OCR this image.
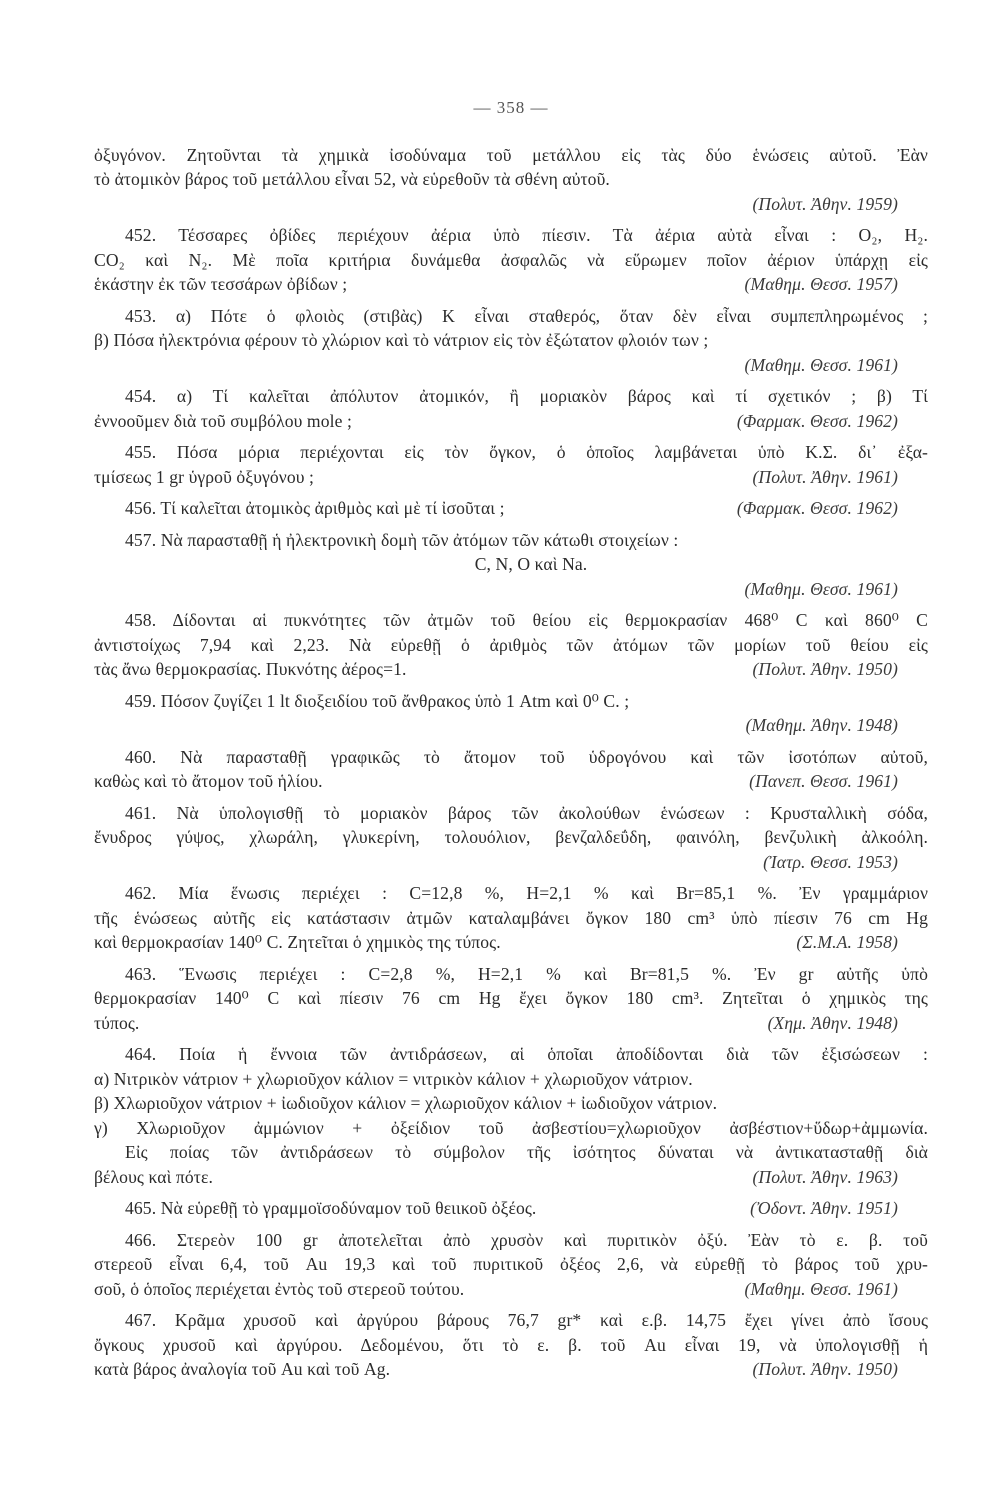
— 358 —
ὀξυγόνον. Ζητοῦνται τὰ χημικὰ ἰσοδύναμα τοῦ μετάλλου εἰς τὰς δύο ἑνώσεις αὐτοῦ. Ἐὰν
τὸ ἀτομικὸν βάρος τοῦ μετάλλου εἶναι 52, νὰ εὑρεθοῦν τὰ σθένη αὐτοῦ.
(Πολυτ. Ἀθην. 1959)
452. Τέσσαρες ὀβίδες περιέχουν ἀέρια ὑπὸ πίεσιν. Τὰ ἀέρια αὐτὰ εἶναι : O₂, H₂.
CO₂ καὶ N₂. Μὲ ποῖα κριτήρια δυνάμεθα ἀσφαλῶς νὰ εὕρωμεν ποῖον ἀέριον ὑπάρχῃ εἰς
ἑκάστην ἐκ τῶν τεσσάρων ὀβίδων ;	(Μαθημ. Θεσσ. 1957)
453. α) Πότε ὁ φλοιὸς (στιβὰς) K εἶναι σταθερός, ὅταν δὲν εἶναι συμπεπληρωμένος ;
β) Πόσα ἠλεκτρόνια φέρουν τὸ χλώριον καὶ τὸ νάτριον εἰς τὸν ἐξώτατον φλοιόν των ;
(Μαθημ. Θεσσ. 1961)
454. α) Τί καλεῖται ἀπόλυτον ἀτομικόν, ἢ μοριακὸν βάρος καὶ τί σχετικόν ; β) Τί
ἐννοοῦμεν διὰ τοῦ συμβόλου mole ;	(Φαρμακ. Θεσσ. 1962)
455. Πόσα μόρια περιέχονται εἰς τὸν ὄγκον, ὁ ὁποῖος λαμβάνεται ὑπὸ Κ.Σ. δι᾽ ἐξα-
τμίσεως 1 gr ὑγροῦ ὀξυγόνου ;	(Πολυτ. Ἀθην. 1961)
456. Τί καλεῖται ἀτομικὸς ἀριθμὸς καὶ μὲ τί ἰσοῦται ;	(Φαρμακ. Θεσσ. 1962)
457. Νὰ παρασταθῇ ἡ ἠλεκτρονικὴ δομὴ τῶν ἀτόμων τῶν κάτωθι στοιχείων :
C, N, O καὶ Na.
(Μαθημ. Θεσσ. 1961)
458. Δίδονται αἱ πυκνότητες τῶν ἀτμῶν τοῦ θείου εἰς θερμοκρασίαν 468⁰ C καὶ 860⁰ C
ἀντιστοίχως 7,94 καὶ 2,23. Νὰ εὑρεθῇ ὁ ἀριθμὸς τῶν ἀτόμων τῶν μορίων τοῦ θείου εἰς
τὰς ἄνω θερμοκρασίας. Πυκνότης ἀέρος=1.	(Πολυτ. Ἀθην. 1950)
459. Πόσον ζυγίζει 1 lt διοξειδίου τοῦ ἄνθρακος ὑπὸ 1 Atm καὶ 0⁰ C. ;
(Μαθημ. Ἀθην. 1948)
460. Νὰ παρασταθῇ γραφικῶς τὸ ἄτομον τοῦ ὑδρογόνου καὶ τῶν ἰσοτόπων αὐτοῦ,
καθὼς καὶ τὸ ἄτομον τοῦ ἡλίου.	(Πανεπ. Θεσσ. 1961)
461. Νὰ ὑπολογισθῇ τὸ μοριακὸν βάρος τῶν ἀκολούθων ἑνώσεων : Κρυσταλλικὴ σόδα,
ἔνυδρος γύψος, χλωράλη, γλυκερίνη, τολουόλιον, βενζαλδεΰδη, φαινόλη, βενζυλικὴ ἀλκοόλη.
(Ἰατρ. Θεσσ. 1953)
462. Μία ἕνωσις περιέχει : C=12,8 %, H=2,1 % καὶ Br=85,1 %. Ἐν γραμμάριον
τῆς ἑνώσεως αὐτῆς εἰς κατάστασιν ἀτμῶν καταλαμβάνει ὄγκον 180 cm³ ὑπὸ πίεσιν 76 cm Hg
καὶ θερμοκρασίαν 140⁰ C. Ζητεῖται ὁ χημικὸς της τύπος.	(Σ.Μ.Α. 1958)
463. Ἕνωσις περιέχει : C=2,8 %, H=2,1 % καὶ Br=81,5 %. Ἐν gr αὐτῆς ὑπὸ
θερμοκρασίαν 140⁰ C καὶ πίεσιν 76 cm Hg ἔχει ὄγκον 180 cm³. Ζητεῖται ὁ χημικὸς της
τύπος.	(Χημ. Ἀθην. 1948)
464. Ποία ἡ ἔννοια τῶν ἀντιδράσεων, αἱ ὁποῖαι ἀποδίδονται διὰ τῶν ἐξισώσεων :
α) Νιτρικὸν νάτριον + χλωριοῦχον κάλιον = νιτρικὸν κάλιον + χλωριοῦχον νάτριον.
β) Χλωριοῦχον νάτριον + ἰωδιοῦχον κάλιον = χλωριοῦχον κάλιον + ἰωδιοῦχον νάτριον.
γ) Χλωριοῦχον ἀμμώνιον + ὀξείδιον τοῦ ἀσβεστίου=χλωριοῦχον ἀσβέστιον+ὕδωρ+ἀμμωνία.
Εἰς ποίας τῶν ἀντιδράσεων τὸ σύμβολον τῆς ἰσότητος δύναται νὰ ἀντικατασταθῇ διὰ
βέλους καὶ πότε.	(Πολυτ. Ἀθην. 1963)
465. Νὰ εὑρεθῇ τὸ γραμμοϊσοδύναμον τοῦ θειικοῦ ὀξέος.	(Ὀδοντ. Ἀθην. 1951)
466. Στερεὸν 100 gr ἀποτελεῖται ἀπὸ χρυσὸν καὶ πυριτικὸν ὀξύ. Ἐὰν τὸ ε. β. τοῦ
στερεοῦ εἶναι 6,4, τοῦ Au 19,3 καὶ τοῦ πυριτικοῦ ὀξέος 2,6, νὰ εὑρεθῇ τὸ βάρος τοῦ χρυ-
σοῦ, ὁ ὁποῖος περιέχεται ἐντὸς τοῦ στερεοῦ τούτου.	(Μαθημ. Θεσσ. 1961)
467. Κρᾶμα χρυσοῦ καὶ ἀργύρου βάρους 76,7 gr* καὶ ε.β. 14,75 ἔχει γίνει ἀπὸ ἴσους
ὄγκους χρυσοῦ καὶ ἀργύρου. Δεδομένου, ὅτι τὸ ε. β. τοῦ Au εἶναι 19, νὰ ὑπολογισθῇ ἡ
κατὰ βάρος ἀναλογία τοῦ Au καὶ τοῦ Ag.	(Πολυτ. Ἀθην. 1950)
